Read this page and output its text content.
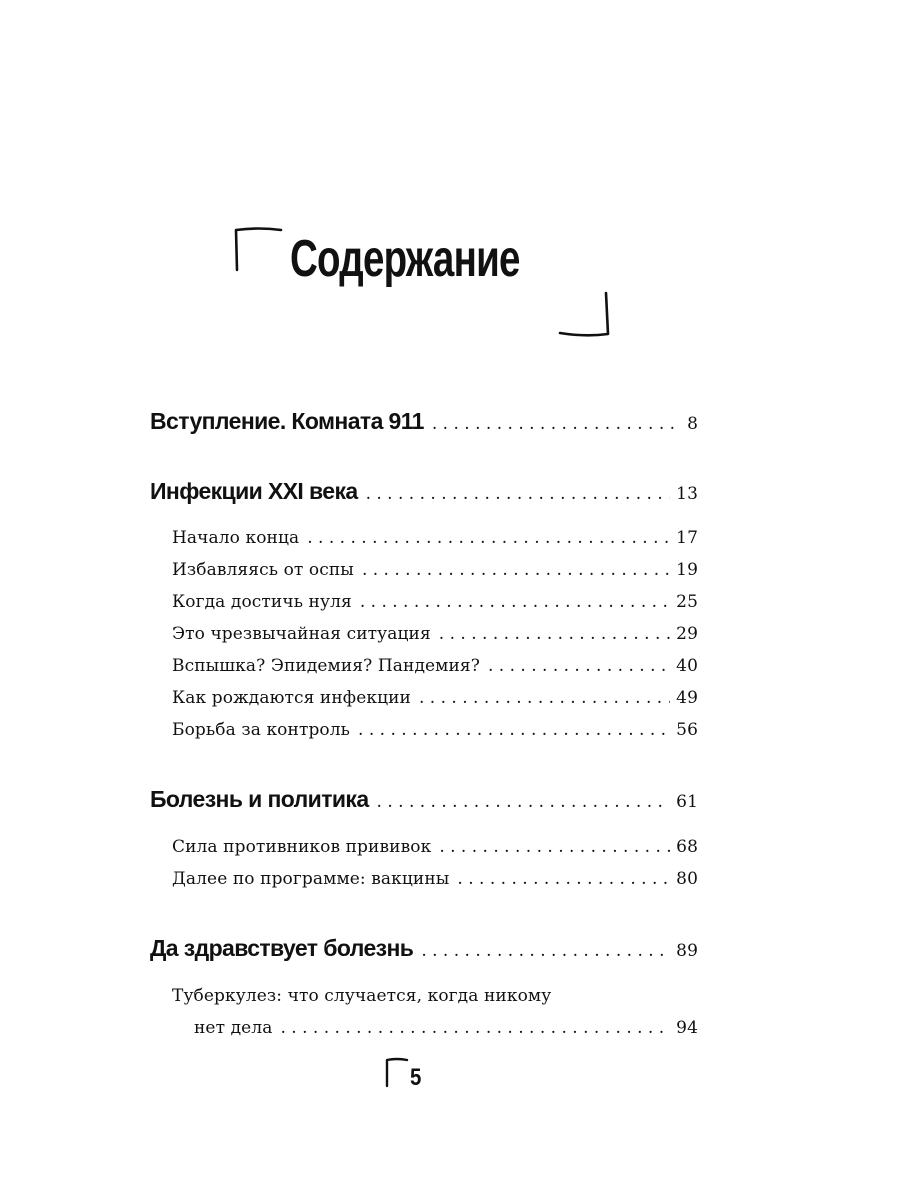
Содержание
Вступление. Комната 911 . . .	8
Инфекции XXI века . . .	13
Начало конца . . .	17
Избавляясь от оспы . . .	19
Когда достичь нуля . . .	25
Это чрезвычайная ситуация . . .	29
Вспышка? Эпидемия? Пандемия? . . .	40
Как рождаются инфекции . . .	49
Борьба за контроль . . .	56
Болезнь и политика . . .	61
Сила противников прививок . . .	68
Далее по программе: вакцины . . .	80
Да здравствует болезнь . . .	89
Туберкулез: что случается, когда никому
нет дела . . .	94
5
